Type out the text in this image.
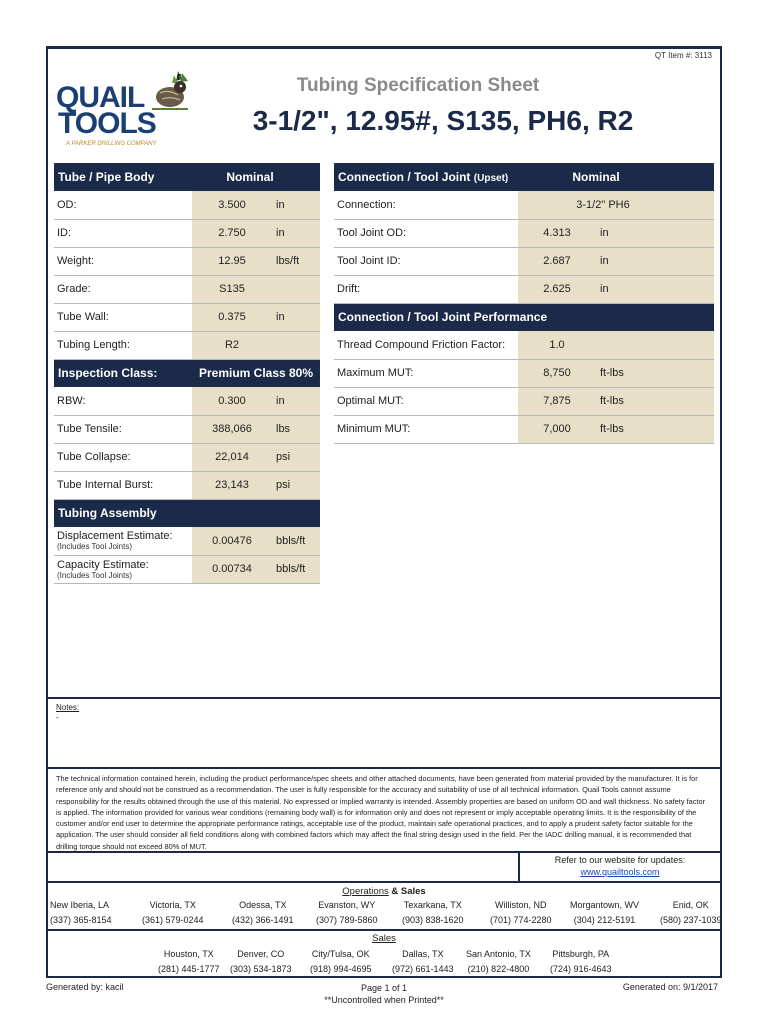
QT Item #: 3113
QUAIL
TOOLS
A PARKER DRILLING COMPANY
Tubing Specification Sheet
3-1/2", 12.95#, S135, PH6, R2
Tube / Pipe Body	Nominal	
OD:	3.500	in
ID:	2.750	in
Weight:	12.95	lbs/ft
Grade:	S135	
Tube Wall:	0.375	in
Tubing Length:	R2	
Inspection Class:	Premium Class 80%	
RBW:	0.300	in
Tube Tensile:	388,066	lbs
Tube Collapse:	22,014	psi
Tube Internal Burst:	23,143	psi
Tubing Assembly		
Displacement Estimate:
(Includes Tool Joints)	0.00476	bbls/ft
Capacity Estimate:
(Includes Tool Joints)	0.00734	bbls/ft
Connection / Tool Joint (Upset)	Nominal	
Connection:	3-1/2" PH6	
Tool Joint OD:	4.313	in
Tool Joint ID:	2.687	in
Drift:	2.625	in
Connection / Tool Joint Performance		
Thread Compound Friction Factor:	1.0	
Maximum MUT:	8,750	ft-lbs
Optimal MUT:	7,875	ft-lbs
Minimum MUT:	7,000	ft-lbs
Notes:
-
The technical information contained herein, including the product performance/spec sheets and other attached documents, have been generated from material provided by the manufacturer. It is for reference only and should not be construed as a recommendation. The user is fully responsible for the accuracy and suitability of use of all technical information. Quail Tools cannot assume responsibility for the results obtained through the use of this material. No expressed or implied warranty is intended. Assembly properties are based on uniform OD and wall thickness. No safety factor is applied. The information provided for various wear conditions (remaining body wall) is for information only and does not represent or imply acceptable operating limits. It is the responsibility of the customer and/or end user to determine the appropriate performance ratings, acceptable use of the product, maintain safe operational practices, and to apply a prudent safety factor suitable for the application. The user should consider all field conditions along with combined factors which may affect the final string design used in the field. Per the IADC drilling manual, it is recommended that drilling torque should not exceed 80% of MUT.
Refer to our website for updates:
www.quailtools.com
Operations & Sales
New Iberia, LA
(337) 365-8154
Victoria, TX
(361) 579-0244
Odessa, TX
(432) 366-1491
Evanston, WY
(307) 789-5860
Texarkana, TX
(903) 838-1620
Williston, ND
(701) 774-2280
Morgantown, WV
(304) 212-5191
Enid, OK
(580) 237-1039
Sales
Houston, TX
(281) 445-1777
Denver, CO
(303) 534-1873
City/Tulsa, OK
(918) 994-4695
Dallas, TX
(972) 661-1443
San Antonio, TX
(210) 822-4800
Pittsburgh, PA
(724) 916-4643
Generated by: kacil	Page 1 of 1
**Uncontrolled when Printed**
Generated on: 9/1/2017
